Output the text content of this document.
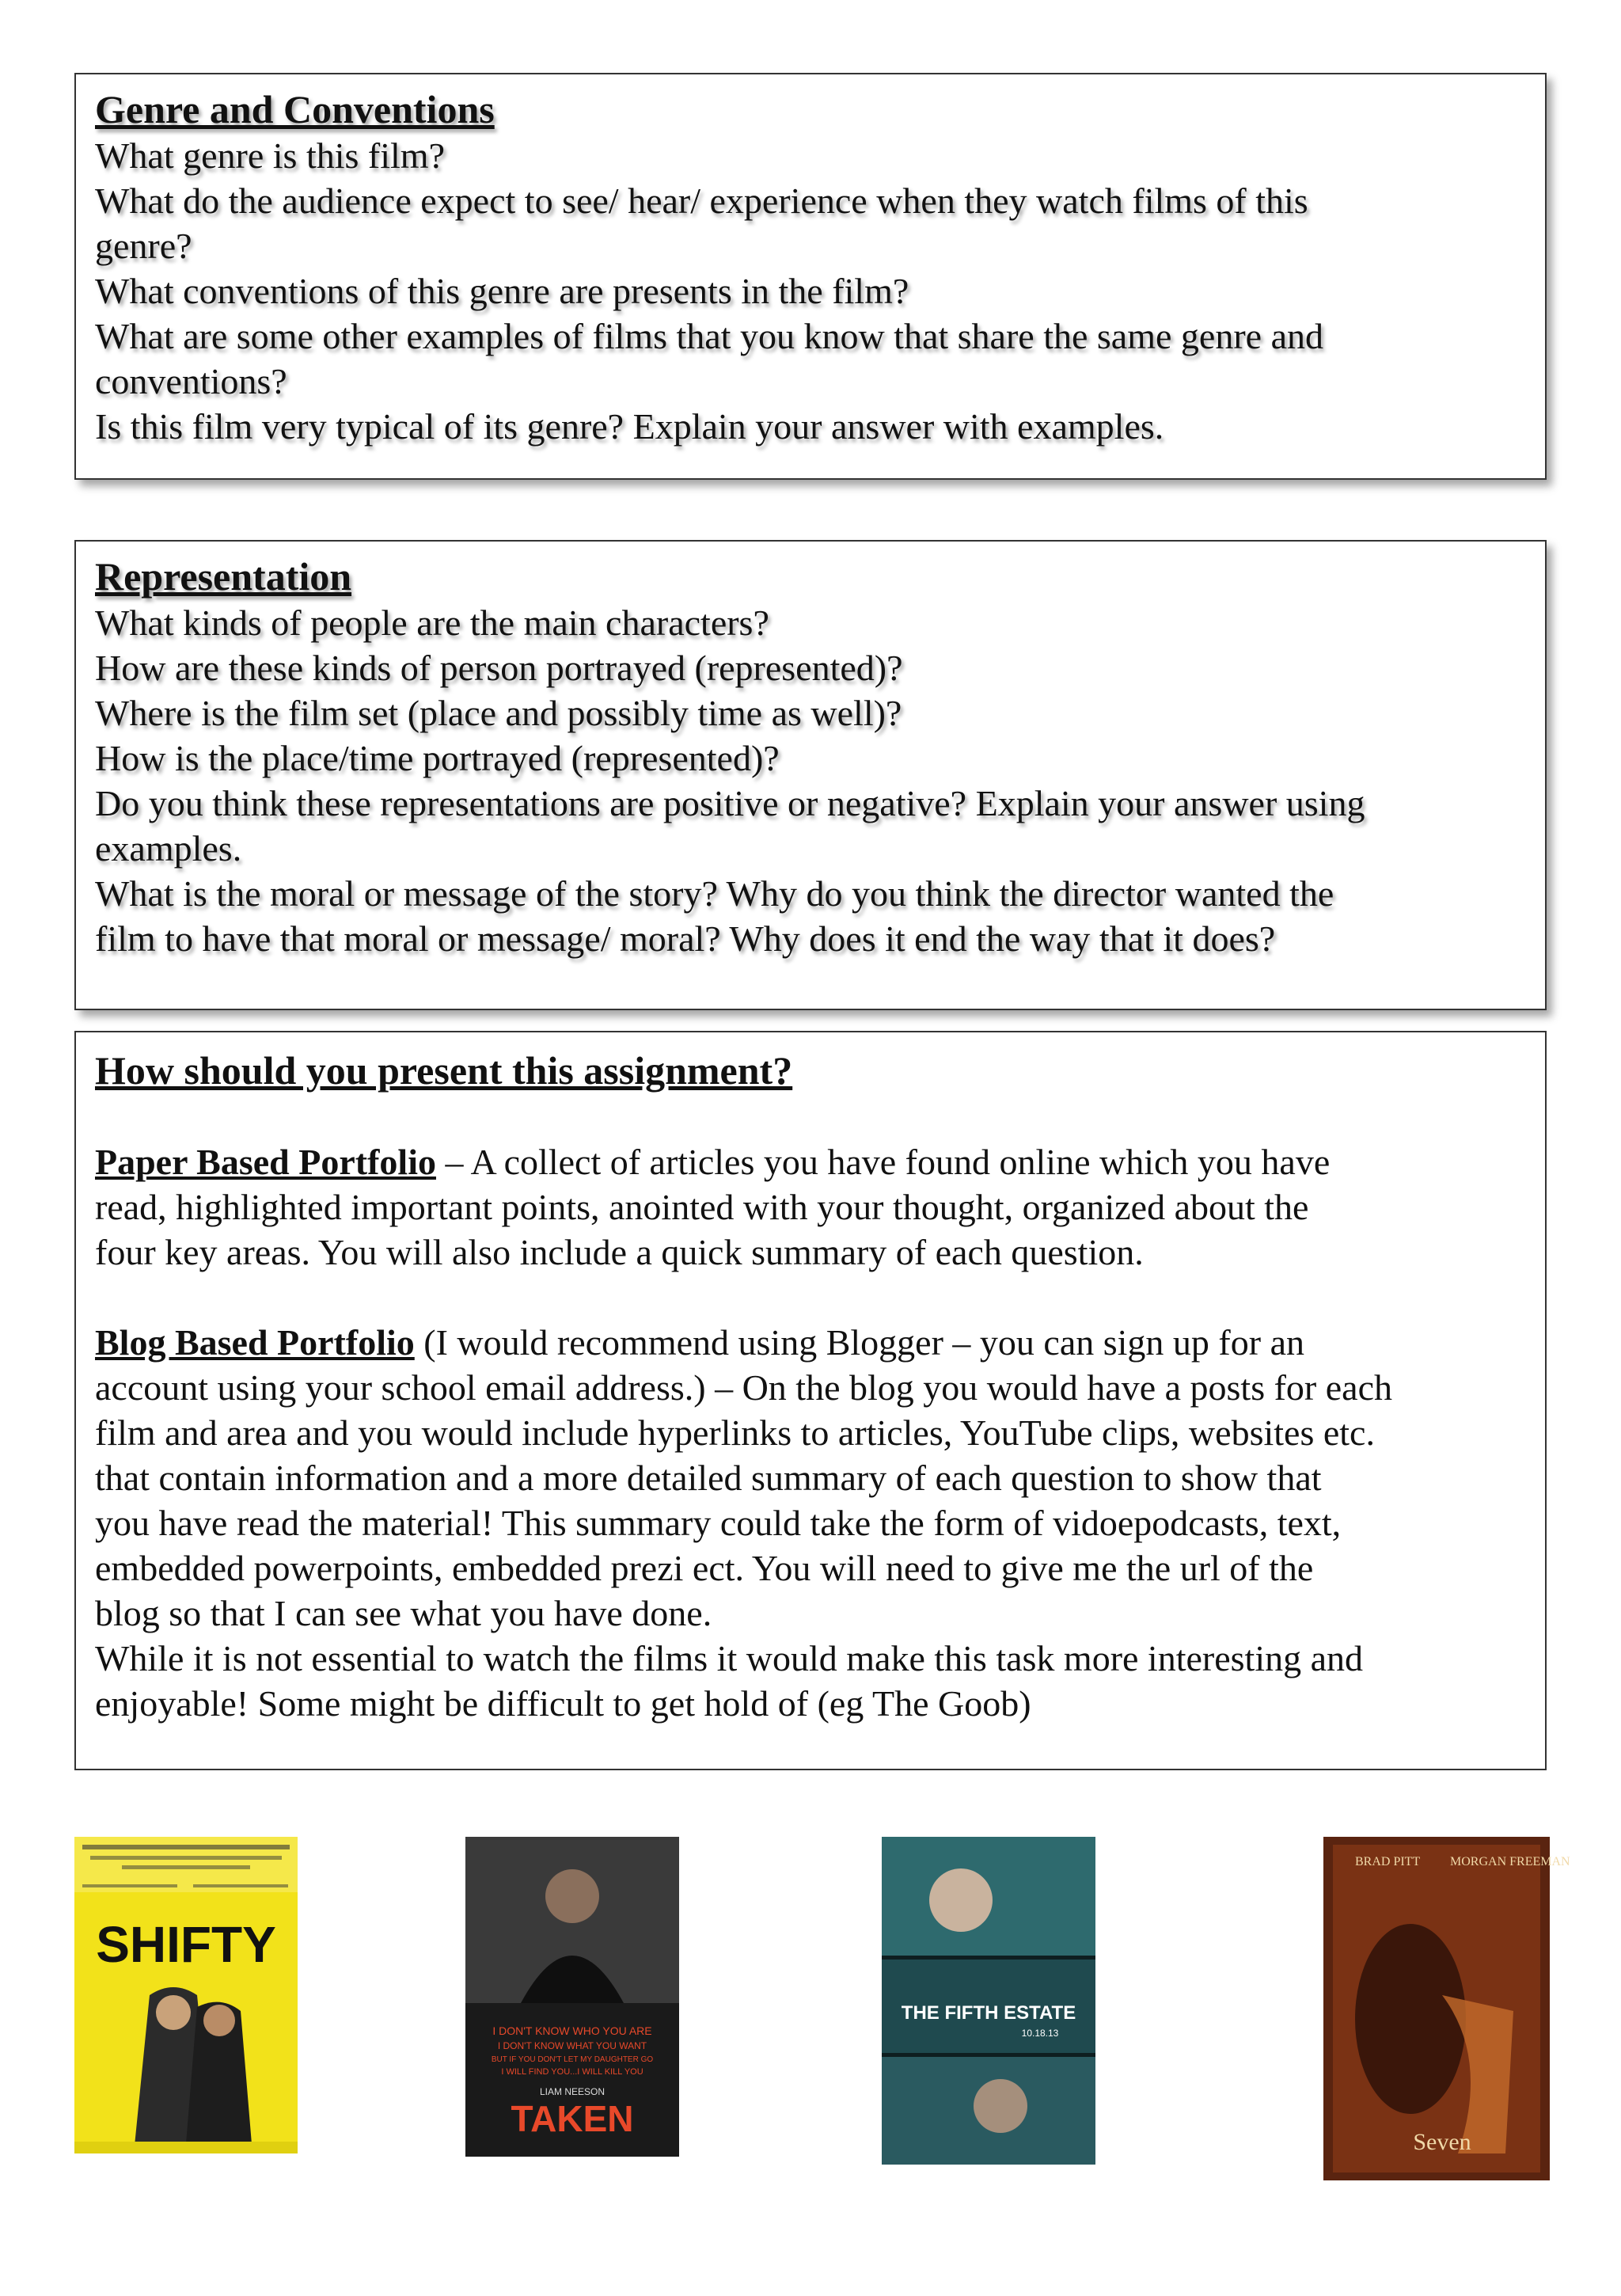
Genre and Conventions

What genre is this film?

What do the audience expect to see/ hear/ experience when they watch films of this

genre?

What conventions of this genre are presents in the film?

What are some other examples of films that you know that share the same genre and

conventions?

Is this film very typical of its genre? Explain your answer with examples.

Representation

What kinds of people are the main characters?

How are these kinds of person portrayed (represented)?

Where is the film set (place and possibly time as well)?

How is the place/time portrayed (represented)?

Do you think these representations are positive or negative? Explain your answer using

examples.

What is the moral or message of the story? Why do you think the director wanted the

film to have that moral or message/ moral? Why does it end the way that it does?

How should you present this assignment?

Paper Based Portfolio – A collect of articles you have found online which you have

read, highlighted important points, anointed with your thought, organized about the

four key areas. You will also include a quick summary of each question.

Blog Based Portfolio (I would recommend using Blogger – you can sign up for an

account using your school email address.) – On the blog you would have a posts for each

film and area and you would include hyperlinks to articles, YouTube clips, websites etc.

that contain information and a more detailed summary of each question to show that

you have read the material! This summary could take the form of vidoepodcasts, text,

embedded powerpoints, embedded prezi ect. You will need to give me the url of the

blog so that I can see what you have done.

While it is not essential to watch the films it would make this task more interesting and

enjoyable! Some might be difficult to get hold of (eg The Goob)

SHIFTY
I DON'T KNOW WHO YOU ARE
I DON'T KNOW WHAT YOU WANT
BUT IF YOU DON'T LET MY DAUGHTER GO
I WILL FIND YOU...I WILL KILL YOU
LIAM NEESON
TAKEN
THE FIFTH ESTATE
10.18.13
BRAD PITT MORGAN FREEMAN
Seven
